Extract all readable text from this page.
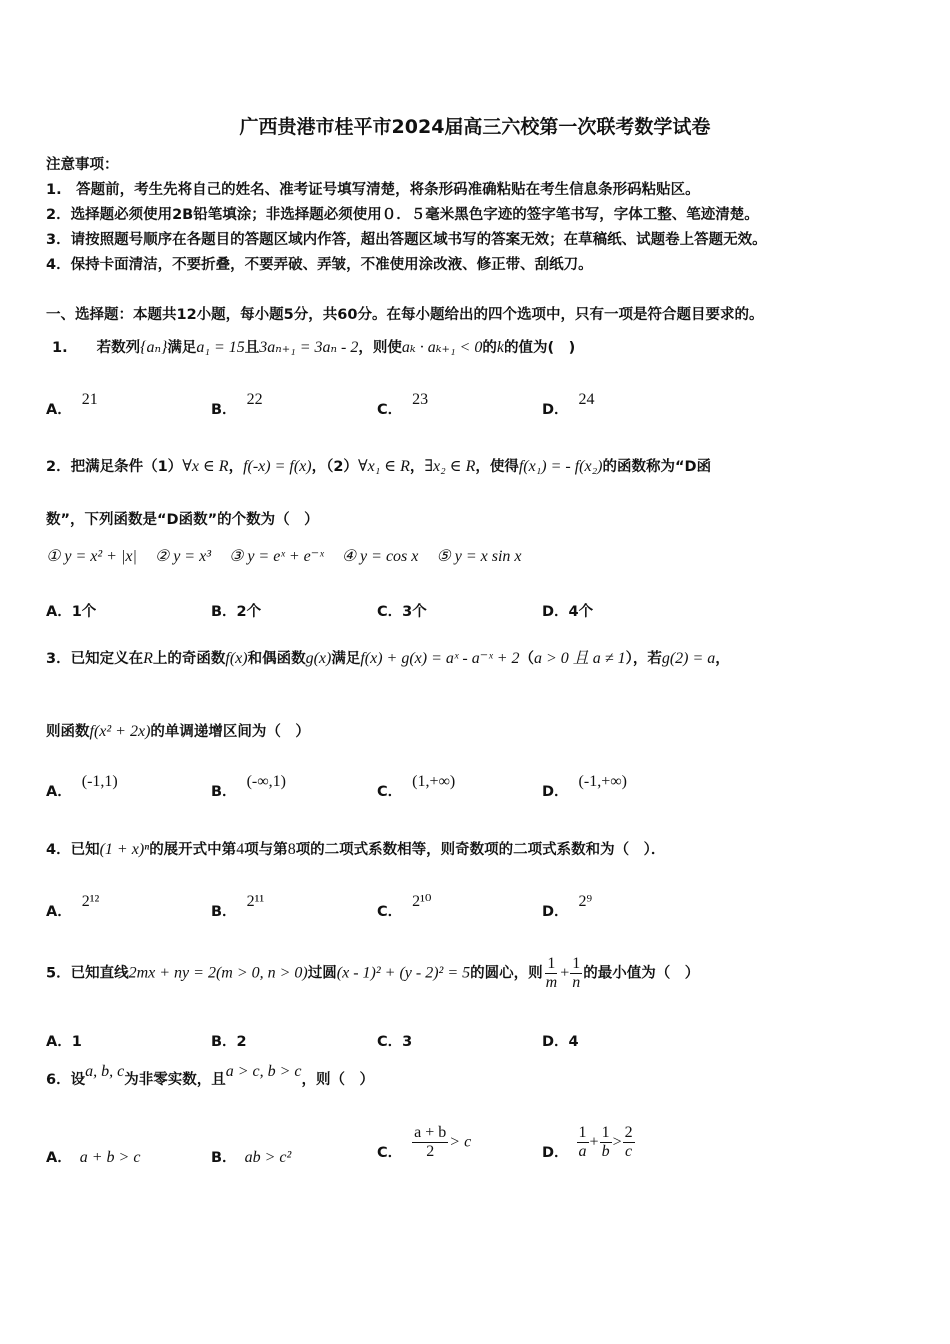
广西贵港市桂平市2024届高三六校第一次联考数学试卷
注意事项：
1.　答题前，考生先将自己的姓名、准考证号填写清楚，将条形码准确粘贴在考生信息条形码粘贴区。
2．选择题必须使用2B铅笔填涂；非选择题必须使用０．５毫米黑色字迹的签字笔书写，字体工整、笔迹清楚。
3．请按照题号顺序在各题目的答题区域内作答，超出答题区域书写的答案无效；在草稿纸、试题卷上答题无效。
4．保持卡面清洁，不要折叠，不要弄破、弄皱，不准使用涂改液、修正带、刮纸刀。
一、选择题：本题共12小题，每小题5分，共60分。在每小题给出的四个选项中，只有一项是符合题目要求的。
1.　　若数列{aₙ}满足a₁ = 15且3aₙ₊₁ = 3aₙ - 2，则使aₖ · aₖ₊₁ < 0的k的值为(　)
A．21
B．22
C．23
D．24
2．把满足条件（1）∀x ∈ R，f(-x) = f(x)，（2）∀x₁ ∈ R，∃x₂ ∈ R，使得f(x₁) = - f(x₂)的函数称为“D函
数”，下列函数是“D函数”的个数为（　）
① y = x² + |x| ② y = x³ ③ y = eˣ + e⁻ˣ ④ y = cos x ⑤ y = x sin x
A．1个	B．2个	C．3个	D．4个
3．已知定义在R上的奇函数f(x)和偶函数g(x)满足f(x) + g(x) = aˣ - a⁻ˣ + 2（a > 0 且 a ≠ 1），若g(2) = a，
则函数f(x² + 2x)的单调递增区间为（　）
A．(-1,1)
B．(-∞,1)
C．(1,+∞)
D．(-1,+∞)
4．已知(1 + x)ⁿ的展开式中第4项与第8项的二项式系数相等，则奇数项的二项式系数和为（　）．
A．2¹²
B．2¹¹
C．2¹⁰
D．2⁹
5．已知直线2mx + ny = 2(m > 0, n > 0)过圆(x - 1)² + (y - 2)² = 5的圆心，则 $\frac{1}{m} + \frac{1}{n}$ 的最小值为（　）
A．1	B．2	C．3	D．4
6．设a, b, c为非零实数，且a > c, b > c，则（　）
A． a + b > c	B． ab > c²	C． $\frac{a + b}{2} > c$
D． $\frac{1}{a} + \frac{1}{b} > \frac{2}{c}$
